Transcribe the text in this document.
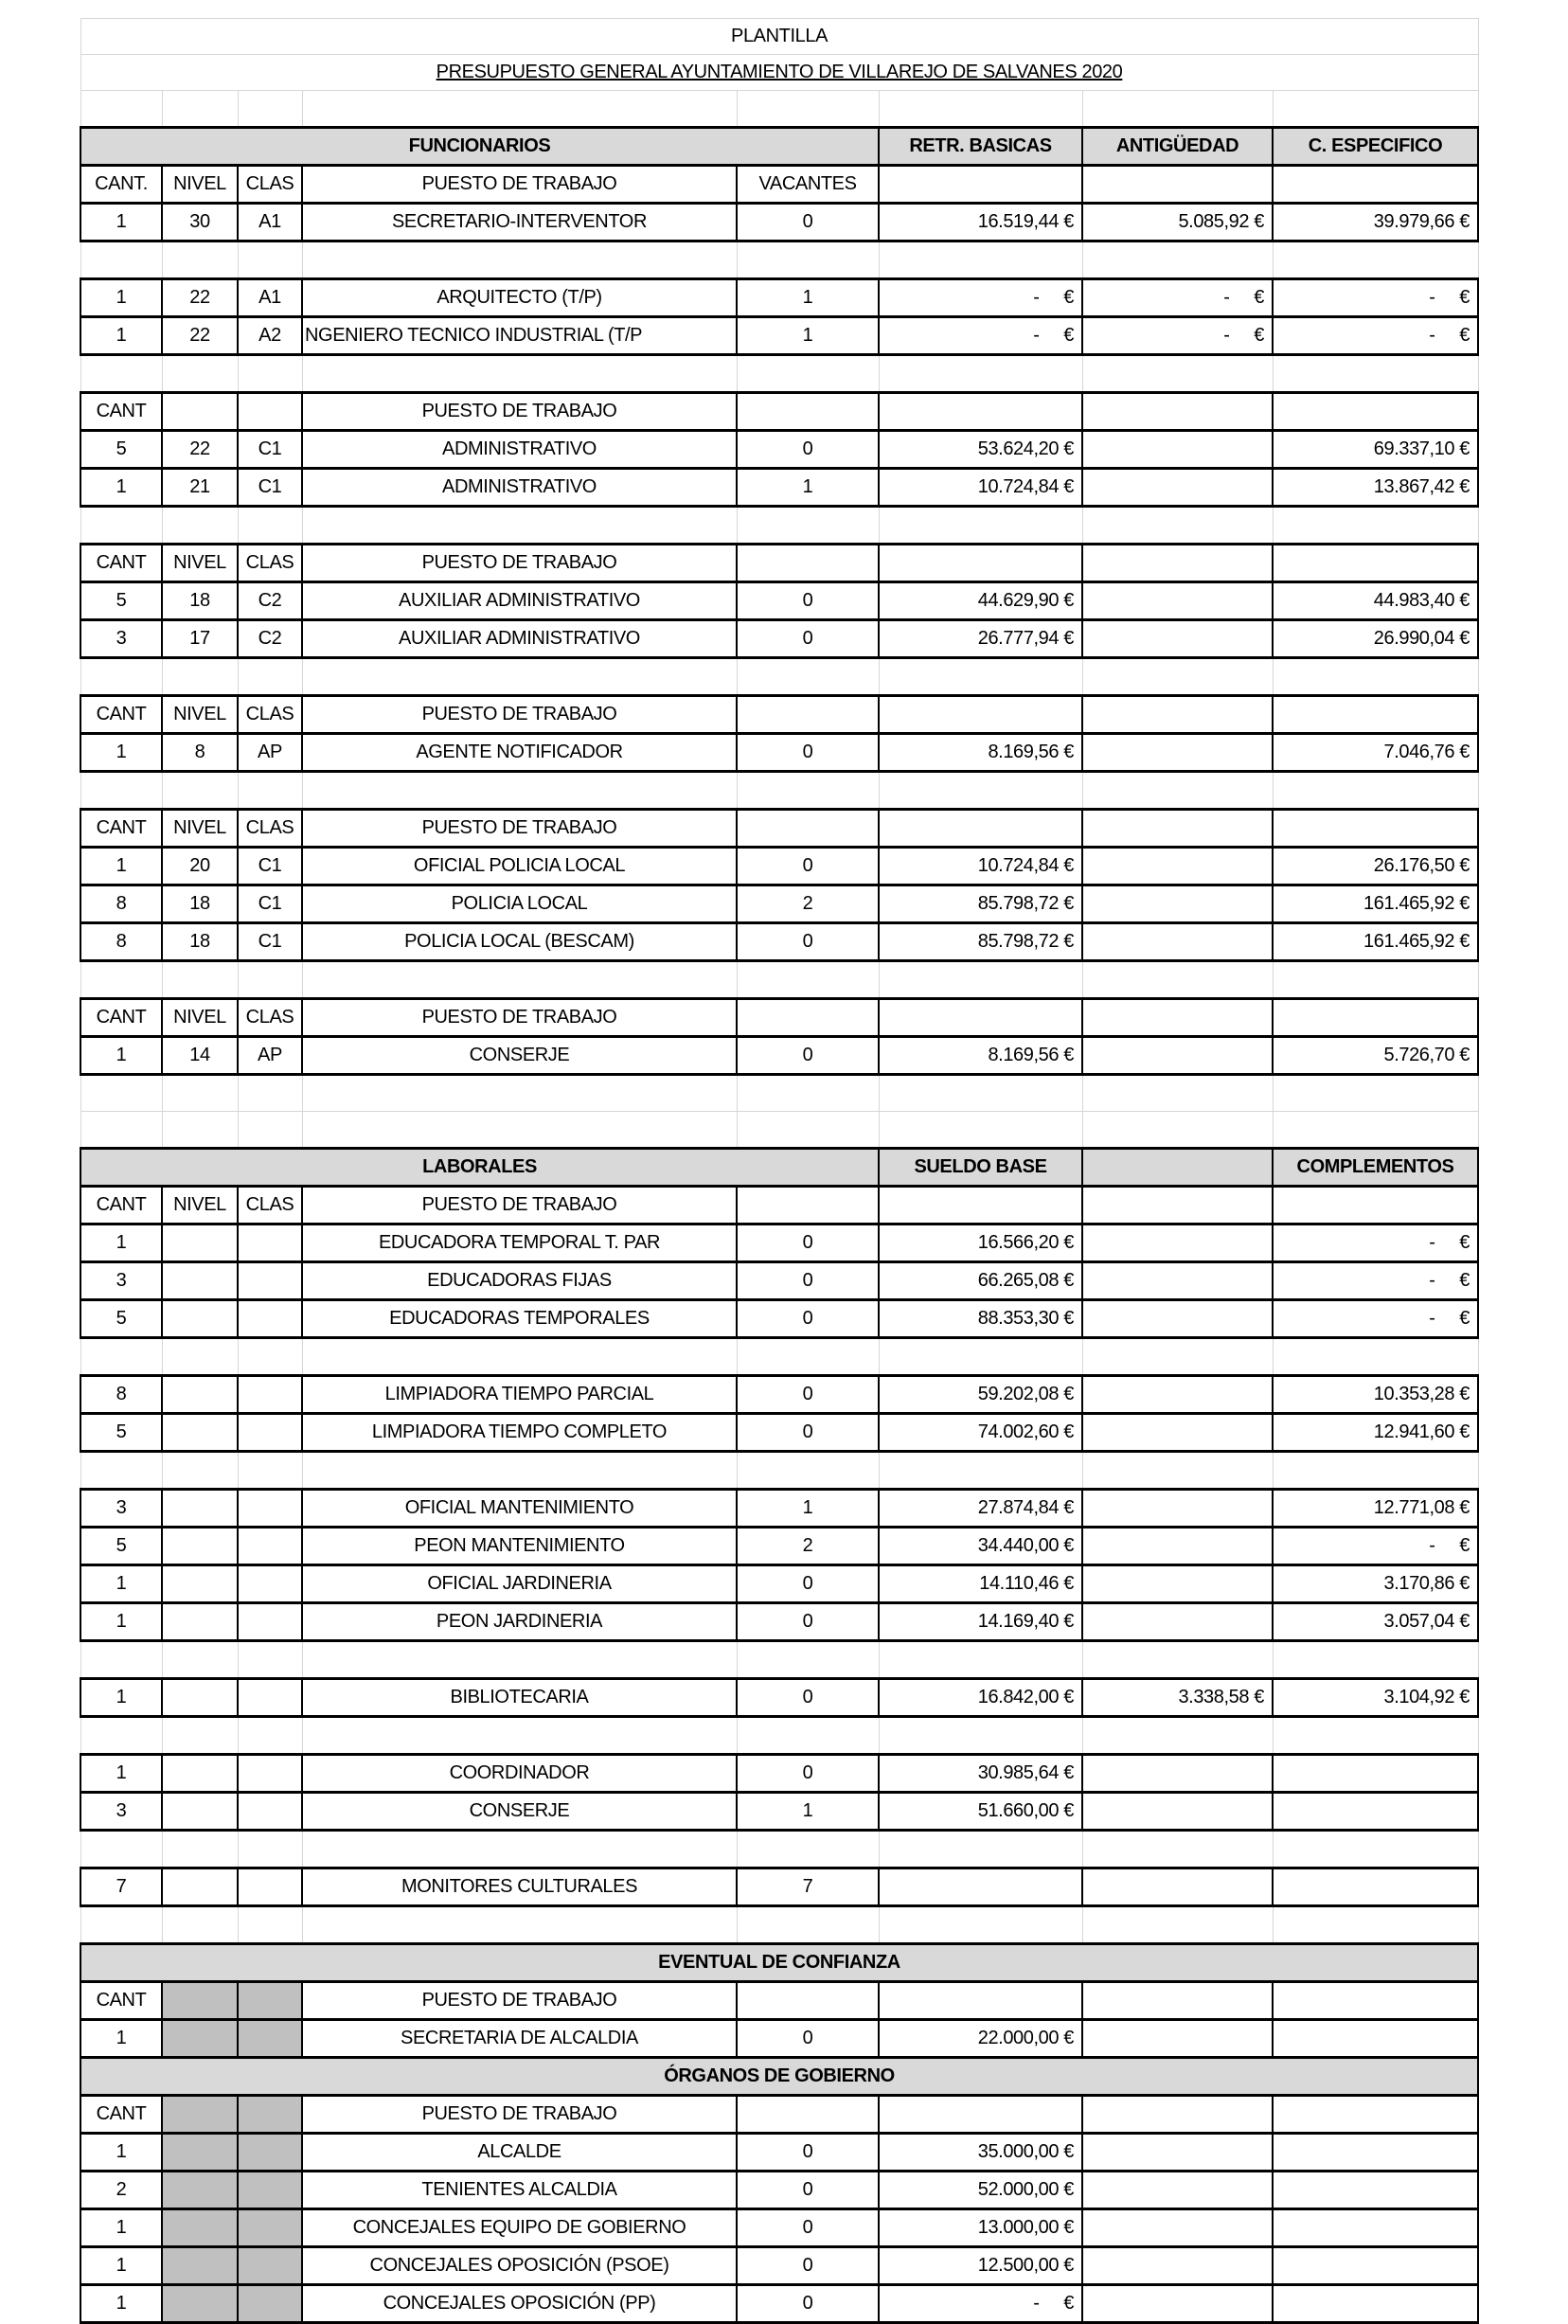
PLANTILLA							
PRESUPUESTO GENERAL AYUNTAMIENTO DE VILLAREJO DE SALVANES 2020							

FUNCIONARIOS					RETR. BASICAS	ANTIGÜEDAD	C. ESPECIFICO
CANT.	NIVEL	CLAS	PUESTO DE TRABAJO	VACANTES			
1	30	A1	SECRETARIO-INTERVENTOR	0	16.519,44 €	5.085,92 €	39.979,66 €

1	22	A1	ARQUITECTO (T/P)	1	-     €	-     €	-     €
1	22	A2	NGENIERO TECNICO INDUSTRIAL (T/P	1	-     €	-     €	-     €

CANT			PUESTO DE TRABAJO				
5	22	C1	ADMINISTRATIVO	0	53.624,20 €		69.337,10 €
1	21	C1	ADMINISTRATIVO	1	10.724,84 €		13.867,42 €

CANT	NIVEL	CLAS	PUESTO DE TRABAJO				
5	18	C2	AUXILIAR ADMINISTRATIVO	0	44.629,90 €		44.983,40 €
3	17	C2	AUXILIAR ADMINISTRATIVO	0	26.777,94 €		26.990,04 €

CANT	NIVEL	CLAS	PUESTO DE TRABAJO				
1	8	AP	AGENTE NOTIFICADOR	0	8.169,56 €		7.046,76 €

CANT	NIVEL	CLAS	PUESTO DE TRABAJO				
1	20	C1	OFICIAL POLICIA LOCAL	0	10.724,84 €		26.176,50 €
8	18	C1	POLICIA LOCAL	2	85.798,72 €		161.465,92 €
8	18	C1	POLICIA LOCAL (BESCAM)	0	85.798,72 €		161.465,92 €

CANT	NIVEL	CLAS	PUESTO DE TRABAJO				
1	14	AP	CONSERJE	0	8.169,56 €		5.726,70 €

LABORALES					SUELDO BASE		COMPLEMENTOS
CANT	NIVEL	CLAS	PUESTO DE TRABAJO				
1			EDUCADORA TEMPORAL T. PAR	0	16.566,20 €		-     €
3			EDUCADORAS FIJAS	0	66.265,08 €		-     €
5			EDUCADORAS TEMPORALES	0	88.353,30 €		-     €

8			LIMPIADORA TIEMPO PARCIAL	0	59.202,08 €		10.353,28 €
5			LIMPIADORA TIEMPO COMPLETO	0	74.002,60 €		12.941,60 €

3			OFICIAL MANTENIMIENTO	1	27.874,84 €		12.771,08 €
5			PEON MANTENIMIENTO	2	34.440,00 €		-     €
1			OFICIAL JARDINERIA	0	14.110,46 €		3.170,86 €
1			PEON JARDINERIA	0	14.169,40 €		3.057,04 €

1			BIBLIOTECARIA	0	16.842,00 €	3.338,58 €	3.104,92 €

1			COORDINADOR	0	30.985,64 €		
3			CONSERJE	1	51.660,00 €		

7			MONITORES CULTURALES	7			

EVENTUAL DE CONFIANZA							
CANT			PUESTO DE TRABAJO				
1			SECRETARIA DE ALCALDIA	0	22.000,00 €		
ÓRGANOS DE GOBIERNO							
CANT			PUESTO DE TRABAJO				
1			ALCALDE	0	35.000,00 €		
2			TENIENTES ALCALDIA	0	52.000,00 €		
1			CONCEJALES EQUIPO DE GOBIERNO	0	13.000,00 €		
1			CONCEJALES OPOSICIÓN (PSOE)	0	12.500,00 €		
1			CONCEJALES OPOSICIÓN (PP)	0	-     €		
